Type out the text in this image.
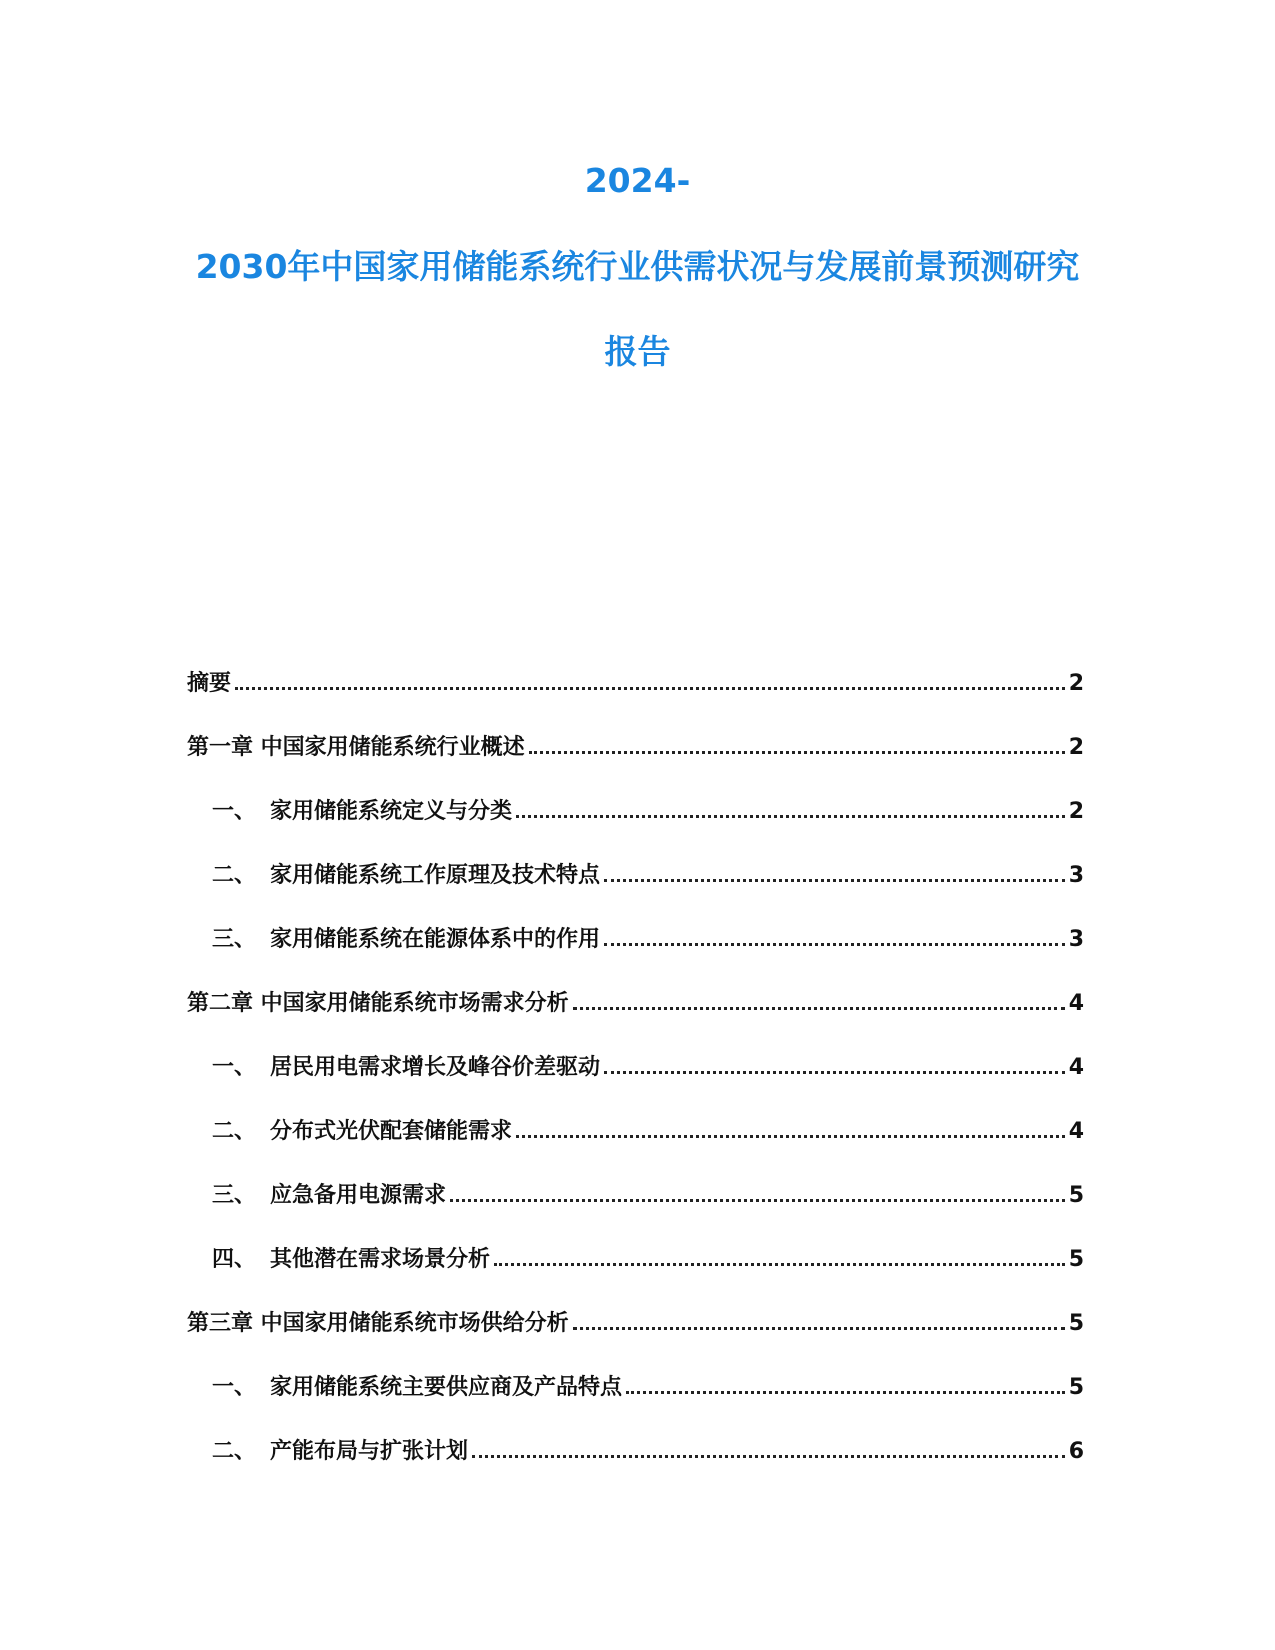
2024-
2030年中国家用储能系统行业供需状况与发展前景预测研究
报告
摘要	2
第一章 中国家用储能系统行业概述	2
一、 家用储能系统定义与分类	2
二、 家用储能系统工作原理及技术特点	3
三、 家用储能系统在能源体系中的作用	3
第二章 中国家用储能系统市场需求分析	4
一、 居民用电需求增长及峰谷价差驱动	4
二、 分布式光伏配套储能需求	4
三、 应急备用电源需求	5
四、 其他潜在需求场景分析	5
第三章 中国家用储能系统市场供给分析	5
一、 家用储能系统主要供应商及产品特点	5
二、 产能布局与扩张计划	6
